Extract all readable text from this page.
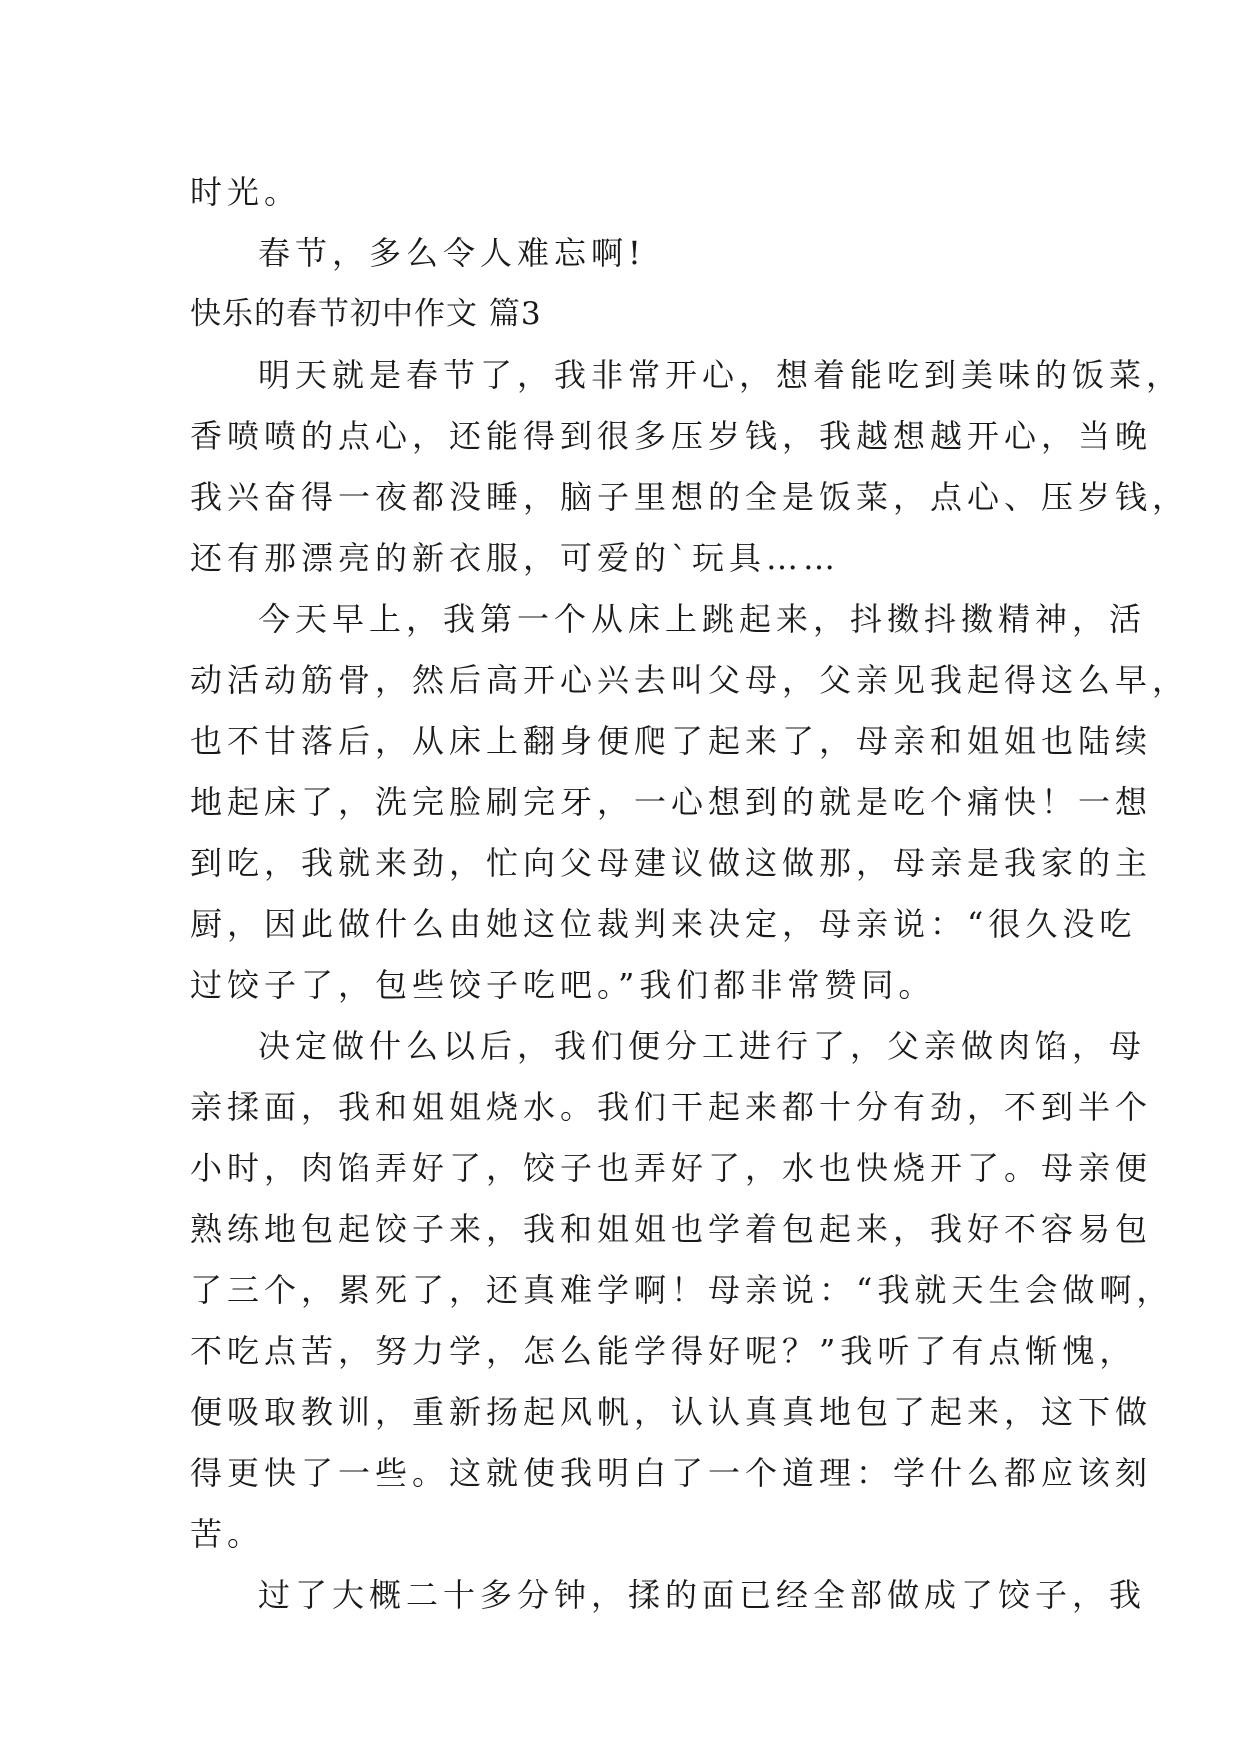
时光。
春节，多么令人难忘啊!
快乐的春节初中作文 篇3
明天就是春节了，我非常开心，想着能吃到美味的饭菜，
香喷喷的点心，还能得到很多压岁钱，我越想越开心，当晚
我兴奋得一夜都没睡，脑子里想的全是饭菜，点心、压岁钱，
还有那漂亮的新衣服，可爱的`玩具……
今天早上，我第一个从床上跳起来，抖擞抖擞精神，活
动活动筋骨，然后高开心兴去叫父母，父亲见我起得这么早，
也不甘落后，从床上翻身便爬了起来了，母亲和姐姐也陆续
地起床了，洗完脸刷完牙，一心想到的就是吃个痛快！一想
到吃，我就来劲，忙向父母建议做这做那，母亲是我家的主
厨，因此做什么由她这位裁判来决定，母亲说：“很久没吃
过饺子了，包些饺子吃吧。”我们都非常赞同。
决定做什么以后，我们便分工进行了，父亲做肉馅，母
亲揉面，我和姐姐烧水。我们干起来都十分有劲，不到半个
小时，肉馅弄好了，饺子也弄好了，水也快烧开了。母亲便
熟练地包起饺子来，我和姐姐也学着包起来，我好不容易包
了三个，累死了，还真难学啊！母亲说：“我就天生会做啊，
不吃点苦，努力学，怎么能学得好呢？”我听了有点惭愧，
便吸取教训，重新扬起风帆，认认真真地包了起来，这下做
得更快了一些。这就使我明白了一个道理：学什么都应该刻
苦。
过了大概二十多分钟，揉的面已经全部做成了饺子，我
